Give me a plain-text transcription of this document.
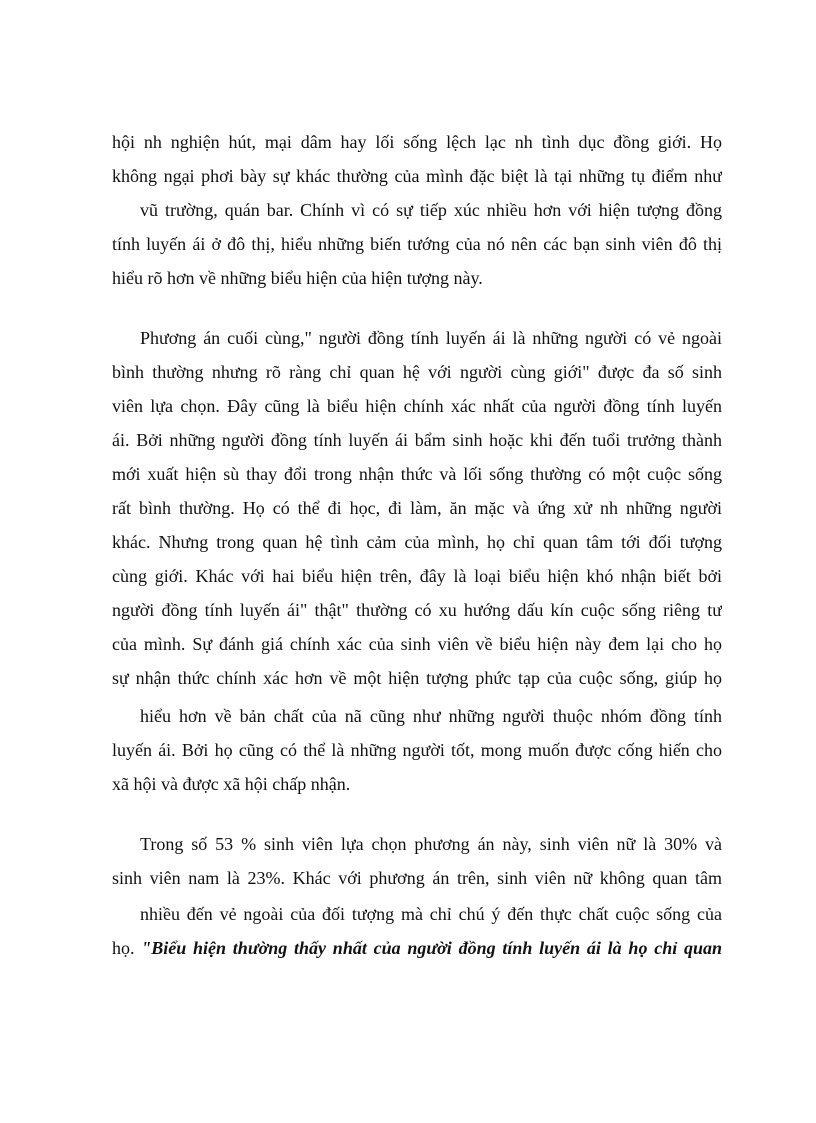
hội nh nghiện hút, mại dâm hay lối sống lệch lạc nh tình dục đồng giới. Họ
không ngại phơi bày sự khác thường của mình đặc biệt là tại những tụ điểm như
vũ trường, quán bar. Chính vì có sự tiếp xúc nhiều hơn với hiện tượng đồng
tính luyến ái ở đô thị, hiểu những biến tướng của nó nên các bạn sinh viên đô thị
hiểu rõ hơn về những biểu hiện của hiện tượng này.
Phương án cuối cùng," người đồng tính luyến ái là những người có vẻ ngoài
bình thường nhưng rõ ràng chỉ quan hệ với người cùng giới" được đa số sinh
viên lựa chọn. Đây cũng là biểu hiện chính xác nhất của người đồng tính luyến
ái. Bởi những người đồng tính luyến ái bẩm sinh hoặc khi đến tuổi trưởng thành
mới xuất hiện sù thay đổi trong nhận thức và lối sống thường có một cuộc sống
rất bình thường. Họ có thể đi học, đi làm, ăn mặc và ứng xử nh những người
khác. Nhưng trong quan hệ tình cảm của mình, họ chỉ quan tâm tới đối tượng
cùng giới. Khác với hai biểu hiện trên, đây là loại biểu hiện khó nhận biết bởi
người đồng tính luyến ái" thật" thường có xu hướng dấu kín cuộc sống riêng tư
của mình. Sự đánh giá chính xác của sinh viên về biểu hiện này đem lại cho họ
sự nhận thức chính xác hơn về một hiện tượng phức tạp của cuộc sống, giúp họ
hiểu hơn về bản chất của nã cũng như những người thuộc nhóm đồng tính
luyến ái. Bởi họ cũng có thể là những người tốt, mong muốn được cống hiến cho
xã hội và được xã hội chấp nhận.
Trong số 53 % sinh viên lựa chọn phương án này, sinh viên nữ là 30% và
sinh viên nam là 23%. Khác với phương án trên, sinh viên nữ không quan tâm
nhiều đến vẻ ngoài của đối tượng mà chỉ chú ý đến thực chất cuộc sống của
họ. "Biểu hiện thường thấy nhất của người đồng tính luyến ái là họ chỉ quan
